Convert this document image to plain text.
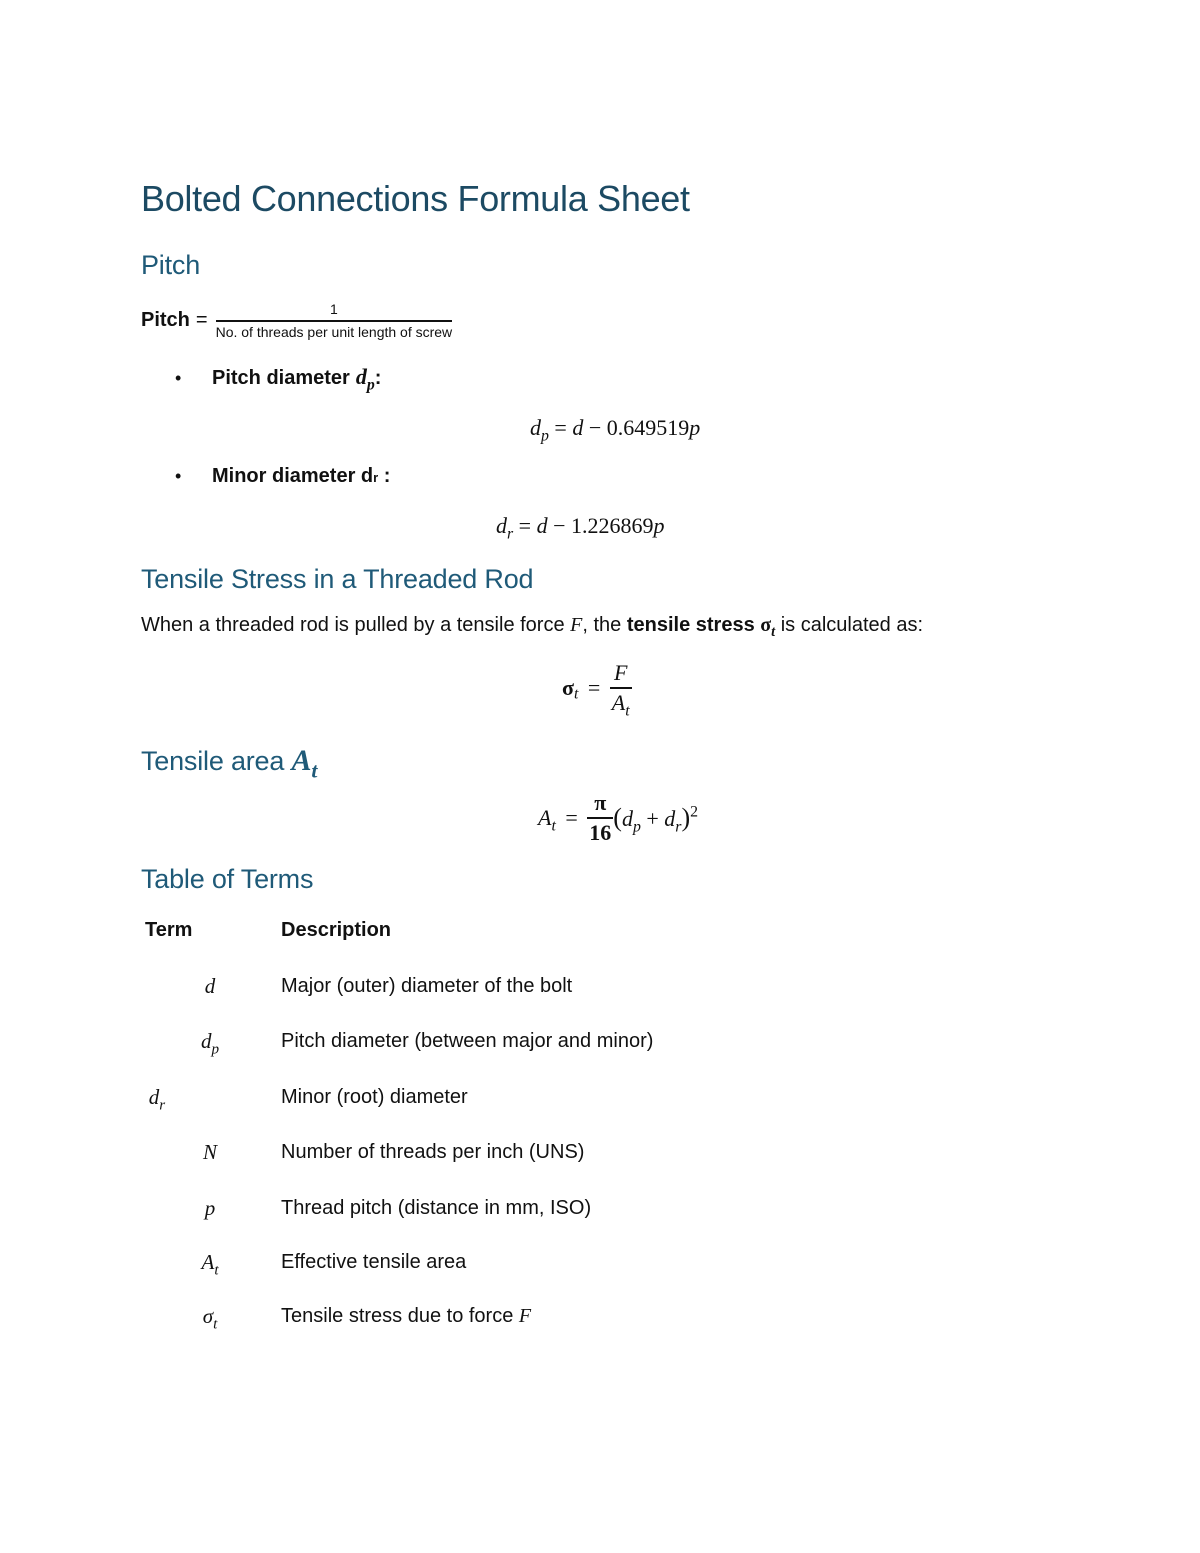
Bolted Connections Formula Sheet
Pitch
Pitch = $\frac{1}{\text{No. of threads per unit length of screw}}$
•	Pitch diameter $d_p$ :
$d_p = d - 0.649519p$
•	Minor diameter d r :
$d_r = d - 1.226869p$
Tensile Stress in a Threaded Rod
When a threaded rod is pulled by a tensile force F, the tensile stress $\sigma_t$ is calculated as:
$\sigma_t = \frac{F}{A_t}$
Tensile area $A_t$
$A_t = \frac{\pi}{16} (d_p + d_r)^2$
Table of Terms
Term	Description
d	Major (outer) diameter of the bolt
$d_p$	Pitch diameter (between major and minor)
$d_r$	Minor (root) diameter
N	Number of threads per inch (UNS)
p	Thread pitch (distance in mm, ISO)
$A_t$	Effective tensile area
$\sigma_t$	Tensile stress due to force F
